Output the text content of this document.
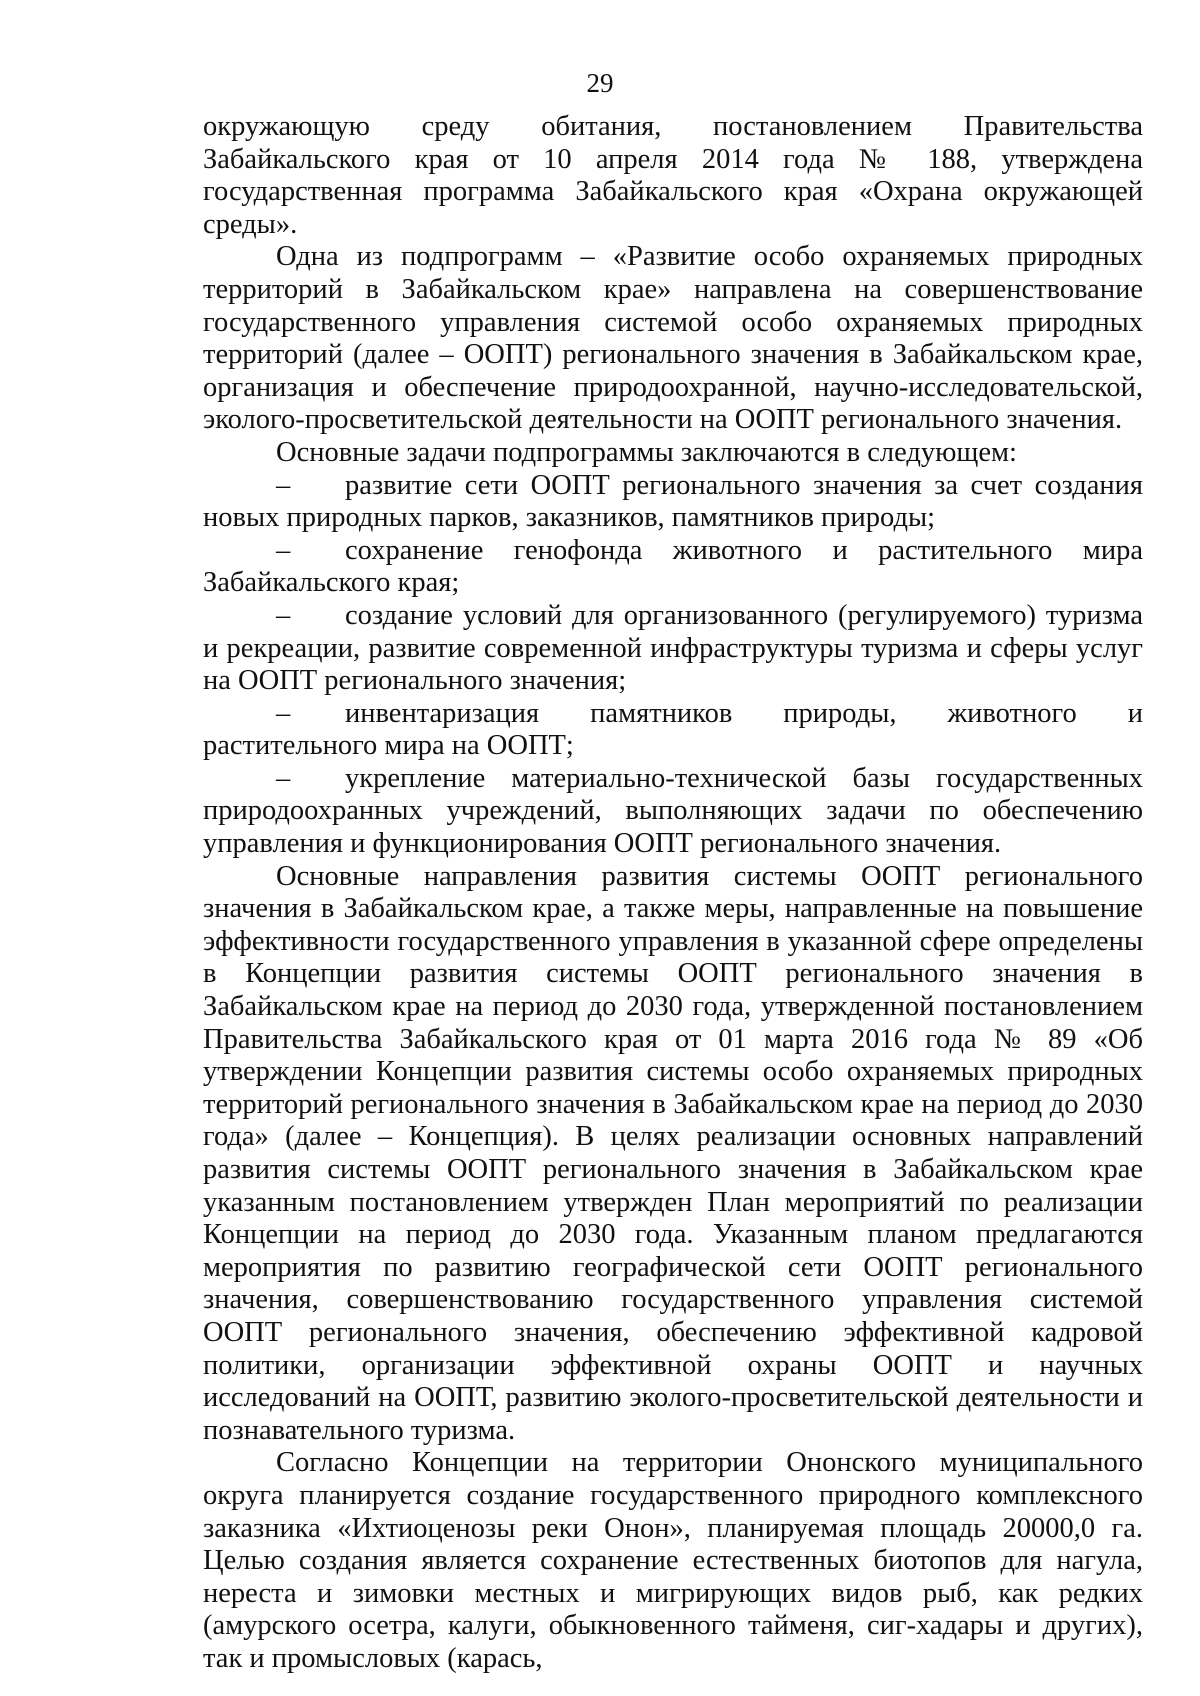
29

окружающую среду обитания, постановлением Правительства Забайкальского края от 10 апреля 2014 года № 188, утверждена государственная программа Забайкальского края «Охрана окружающей среды».

Одна из подпрограмм – «Развитие особо охраняемых природных территорий в Забайкальском крае» направлена на совершенствование государственного управления системой особо охраняемых природных территорий (далее – ООПТ) регионального значения в Забайкальском крае, организация и обеспечение природоохранной, научно-исследовательской, эколого-просветительской деятельности на ООПТ регионального значения.

Основные задачи подпрограммы заключаются в следующем:

– развитие сети ООПТ регионального значения за счет создания новых природных парков, заказников, памятников природы;

– сохранение генофонда животного и растительного мира Забайкальского края;

– создание условий для организованного (регулируемого) туризма и рекреации, развитие современной инфраструктуры туризма и сферы услуг на ООПТ регионального значения;

– инвентаризация памятников природы, животного и растительного мира на ООПТ;

– укрепление материально-технической базы государственных природоохранных учреждений, выполняющих задачи по обеспечению управления и функционирования ООПТ регионального значения.

Основные направления развития системы ООПТ регионального значения в Забайкальском крае, а также меры, направленные на повышение эффективности государственного управления в указанной сфере определены в Концепции развития системы ООПТ регионального значения в Забайкальском крае на период до 2030 года, утвержденной постановлением Правительства Забайкальского края от 01 марта 2016 года № 89 «Об утверждении Концепции развития системы особо охраняемых природных территорий регионального значения в Забайкальском крае на период до 2030 года» (далее – Концепция). В целях реализации основных направлений развития системы ООПТ регионального значения в Забайкальском крае указанным постановлением утвержден План мероприятий по реализации Концепции на период до 2030 года. Указанным планом предлагаются мероприятия по развитию географической сети ООПТ регионального значения, совершенствованию государственного управления системой ООПТ регионального значения, обеспечению эффективной кадровой политики, организации эффективной охраны ООПТ и научных исследований на ООПТ, развитию эколого-просветительской деятельности и познавательного туризма.

Согласно Концепции на территории Ононского муниципального округа планируется создание государственного природного комплексного заказника «Ихтиоценозы реки Онон», планируемая площадь 20000,0 га. Целью создания является сохранение естественных биотопов для нагула, нереста и зимовки местных и мигрирующих видов рыб, как редких (амурского осетра, калуги, обыкновенного тайменя, сиг-хадары и других), так и промысловых (карась,
